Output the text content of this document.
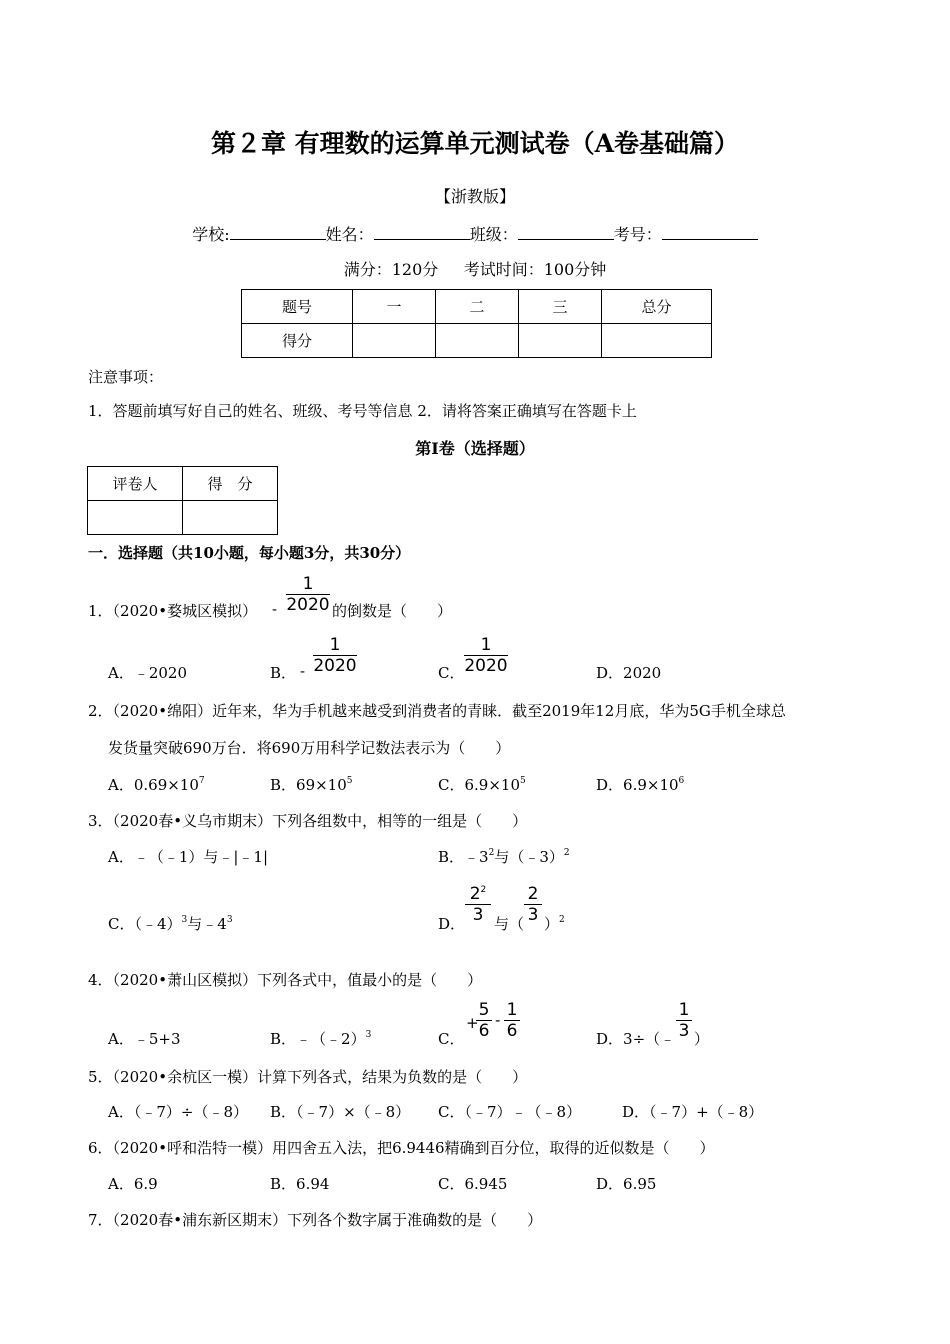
第２章 有理数的运算单元测试卷（A卷基础篇）
【浙教版】
学校:	姓名：	班级：	考号：
满分：120分 考试时间：100分钟
题号	一	二	三	总分
得分				
注意事项：
1．答题前填写好自己的姓名、班级、考号等信息 2．请将答案正确填写在答题卡上
第Ⅰ卷（选择题）
评卷人	得　分

一．选择题（共10小题，每小题3分，共30分）
1．（2020•婺城区模拟） - $\frac{1}{2020}$ 的倒数是（　　）
A．﹣2020	B． - $\frac{1}{2020}$	C． $\frac{1}{2020}$	D．2020
2．（2020•绵阳）近年来，华为手机越来越受到消费者的青睐．截至2019年12月底，华为5G手机全球总
发货量突破690万台．将690万用科学记数法表示为（　　）
A．$0.69\times 10^7$	B．$69\times 10^5$	C．$6.9\times 10^5$	D．$6.9\times 10^6$
3．（2020春•义乌市期末）下列各组数中，相等的一组是（　　）
A．﹣（﹣1）与﹣|﹣1|	B．$﹣3^2$与（﹣3）$^2$
C．（﹣4）$^3$与$﹣4^3$	D． $\frac{2^2}{3}$ 与（ $\frac{2}{3} )^2$
4．（2020•萧山区模拟）下列各式中，值最小的是（　　）
A．﹣5+3	B．﹣（﹣2）$^3$	C．
+
$\frac{5}{6} - \frac{1}{6}$	D．3÷（﹣ $\frac{1}{3}$ ）
5．（2020•余杭区一模）计算下列各式，结果为负数的是（　　）
A．（﹣7）÷（﹣8） B．（﹣7）×（﹣8） C．（﹣7）﹣（﹣8）	D．（﹣7）+（﹣8）
6．（2020•呼和浩特一模）用四舍五入法，把6.9446精确到百分位，取得的近似数是（　　）
A．6.9	B．6.94	C．6.945	D．6.95
7．（2020春•浦东新区期末）下列各个数字属于准确数的是（　　）
